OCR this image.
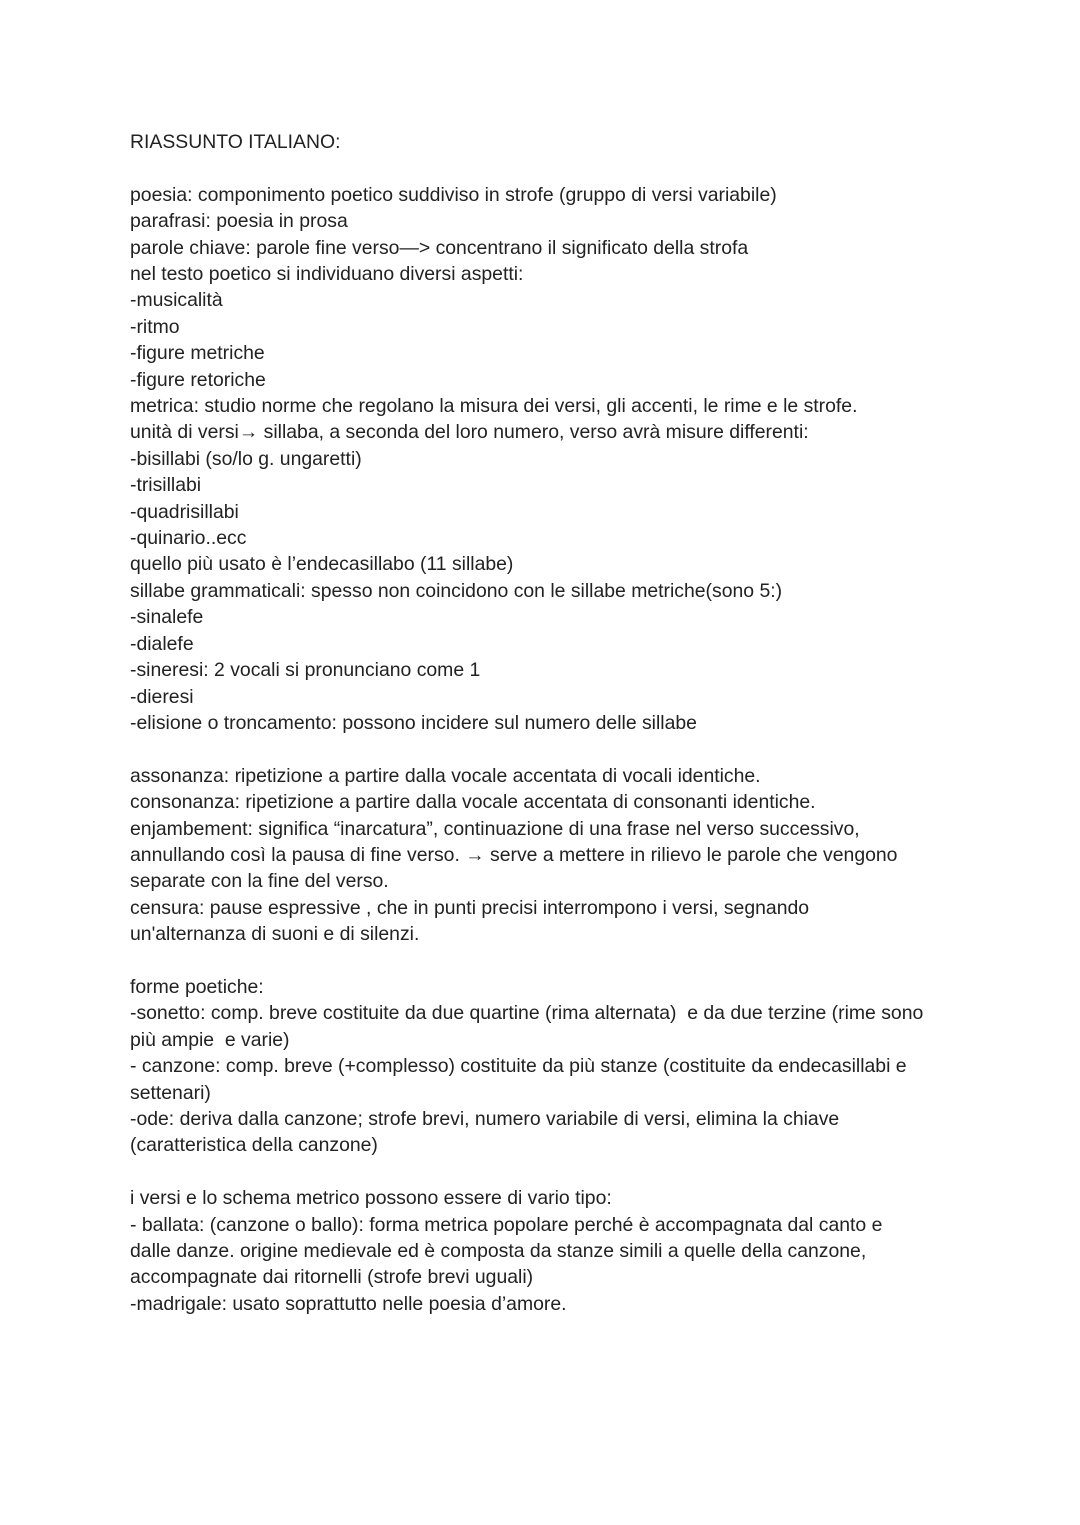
RIASSUNTO ITALIANO:
poesia: componimento poetico suddiviso in strofe (gruppo di versi variabile)
parafrasi: poesia in prosa
parole chiave: parole fine verso—> concentrano il significato della strofa
nel testo poetico si individuano diversi aspetti:
-musicalità
-ritmo
-figure metriche
-figure retoriche
metrica: studio norme che regolano la misura dei versi, gli accenti, le rime e le strofe.
unità di versi→ sillaba, a seconda del loro numero, verso avrà misure differenti:
-bisillabi (so/lo g. ungaretti)
-trisillabi
-quadrisillabi
-quinario..ecc
quello più usato è l’endecasillabo (11 sillabe)
sillabe grammaticali: spesso non coincidono con le sillabe metriche(sono 5:)
-sinalefe
-dialefe
-sineresi: 2 vocali si pronunciano come 1
-dieresi
-elisione o troncamento: possono incidere sul numero delle sillabe
assonanza: ripetizione a partire dalla vocale accentata di vocali identiche.
consonanza: ripetizione a partire dalla vocale accentata di consonanti identiche.
enjambement: significa “inarcatura”, continuazione di una frase nel verso successivo,
annullando così la pausa di fine verso. → serve a mettere in rilievo le parole che vengono
separate con la fine del verso.
censura: pause espressive , che in punti precisi interrompono i versi, segnando
un'alternanza di suoni e di silenzi.
forme poetiche:
-sonetto: comp. breve costituite da due quartine (rima alternata)  e da due terzine (rime sono
più ampie  e varie)
- canzone: comp. breve (+complesso) costituite da più stanze (costituite da endecasillabi e
settenari)
-ode: deriva dalla canzone; strofe brevi, numero variabile di versi, elimina la chiave
(caratteristica della canzone)
i versi e lo schema metrico possono essere di vario tipo:
- ballata: (canzone o ballo): forma metrica popolare perché è accompagnata dal canto e
dalle danze. origine medievale ed è composta da stanze simili a quelle della canzone,
accompagnate dai ritornelli (strofe brevi uguali)
-madrigale: usato soprattutto nelle poesia d’amore.
